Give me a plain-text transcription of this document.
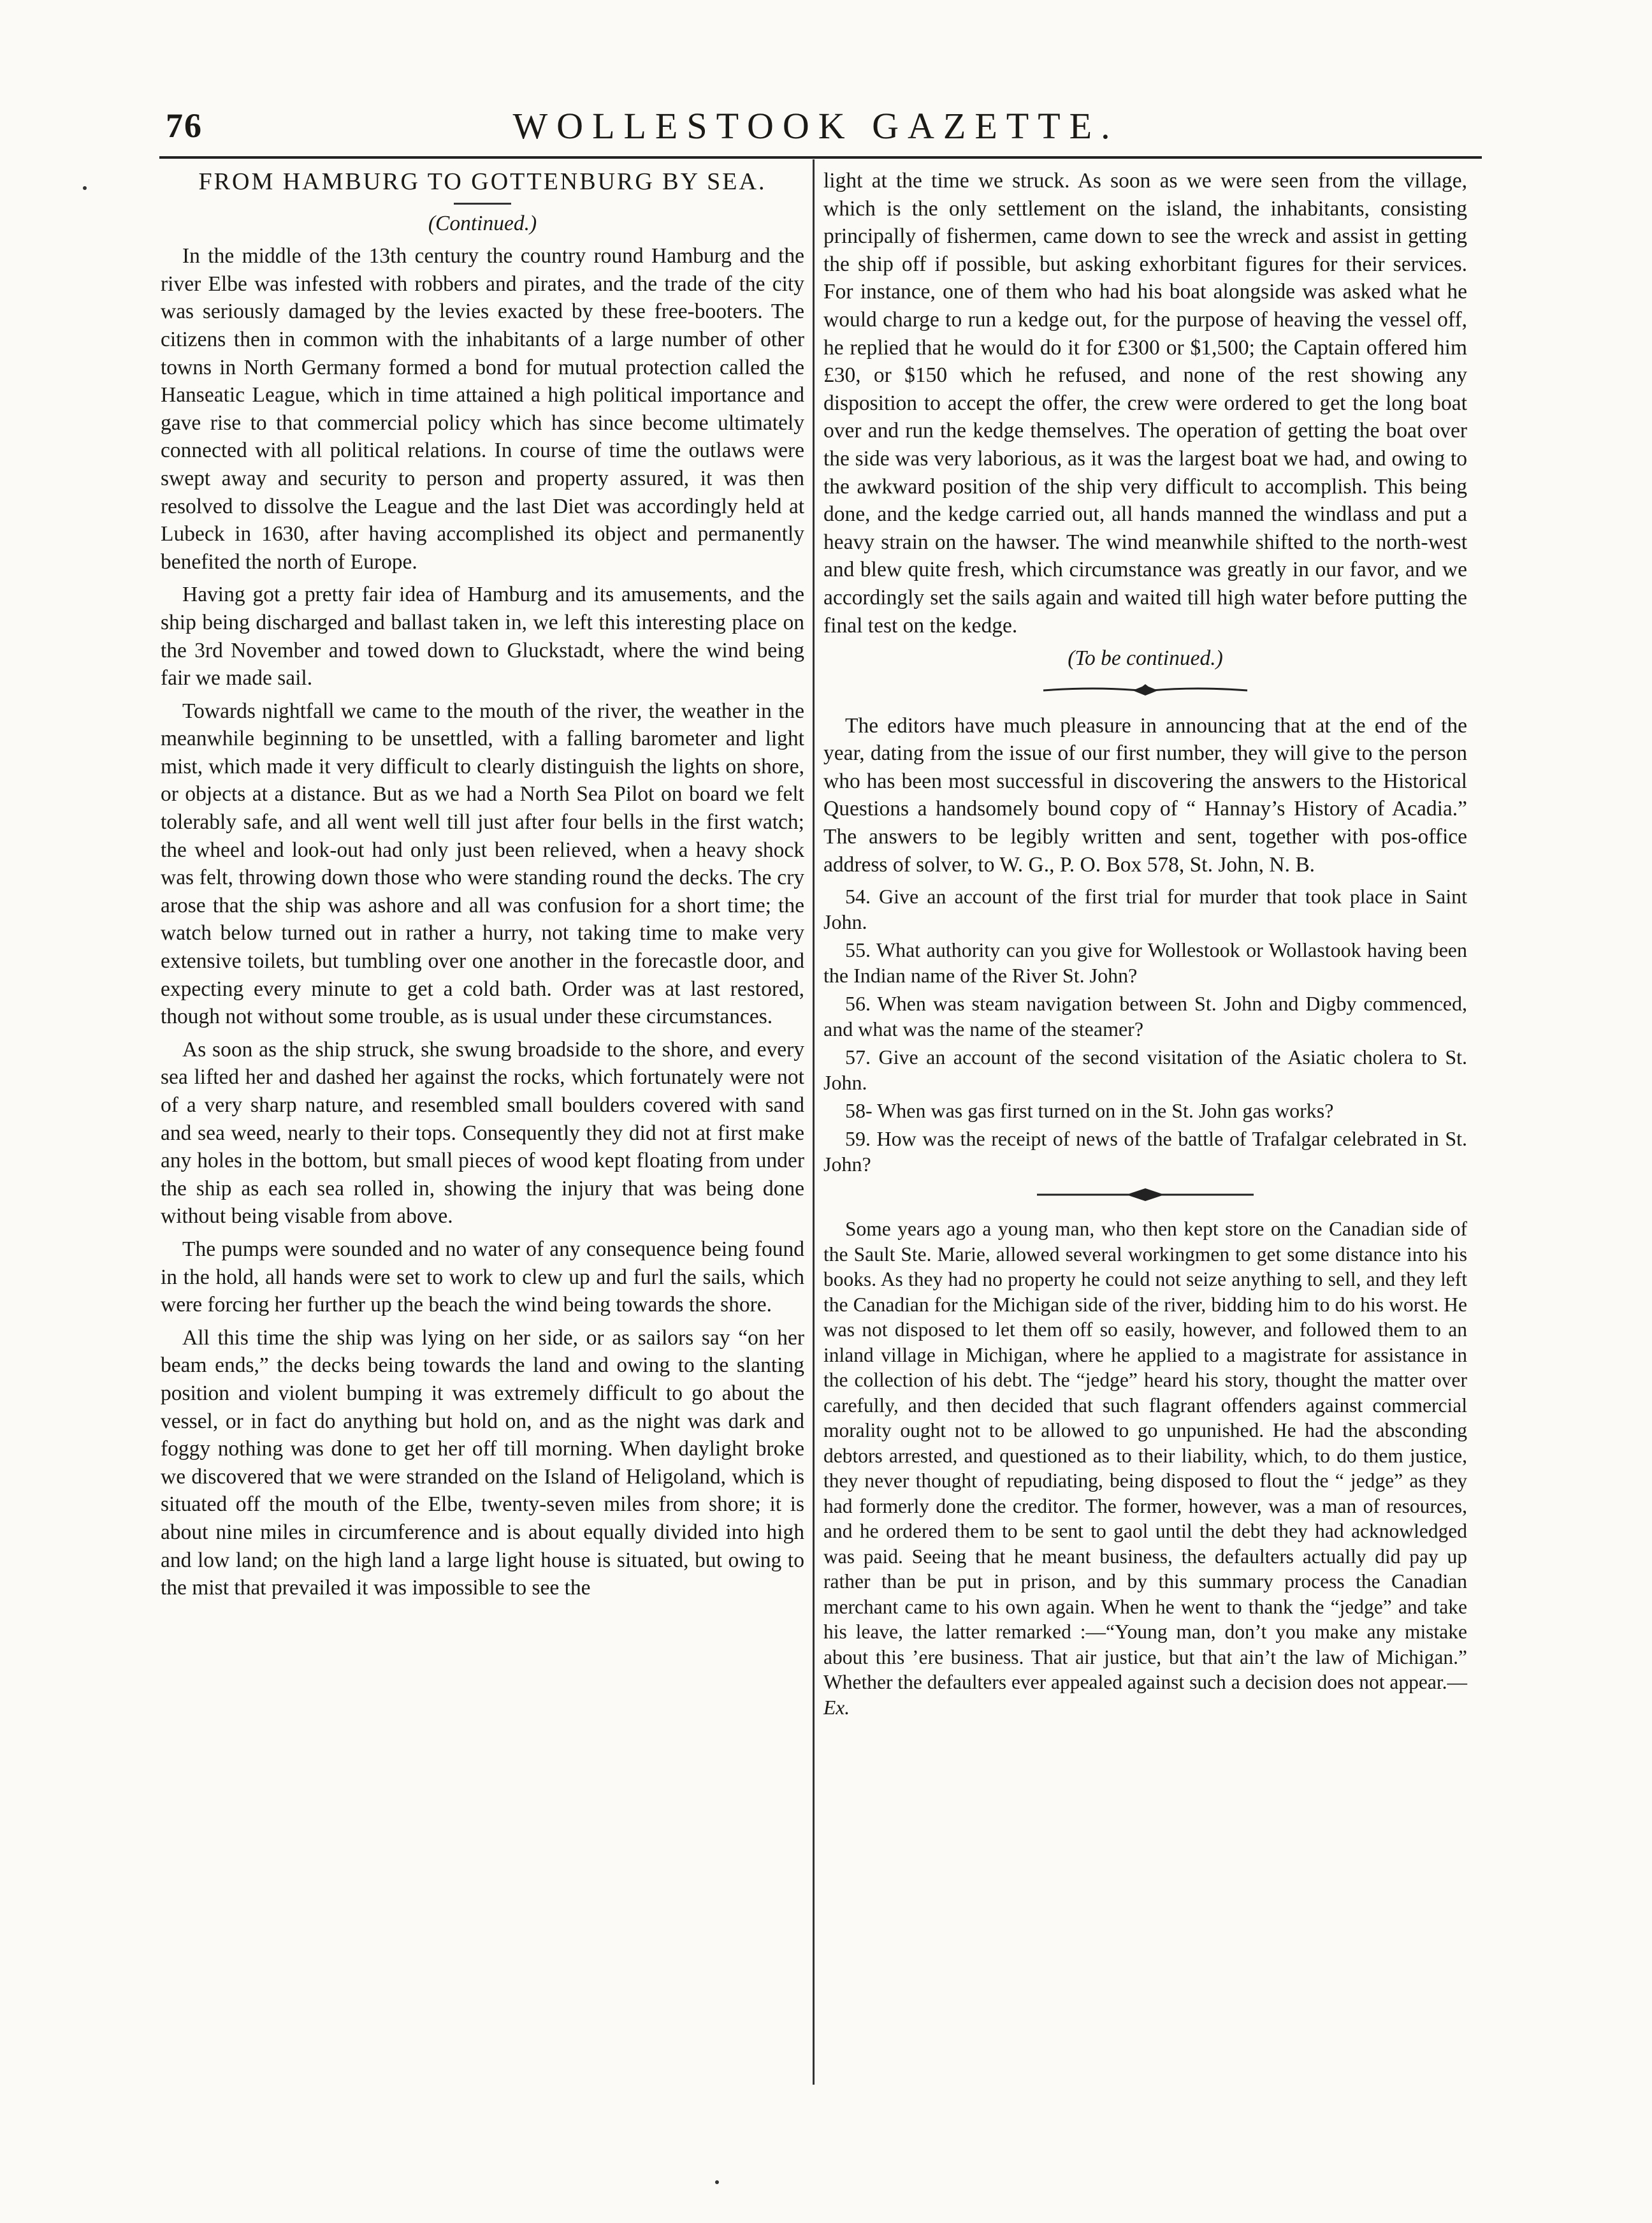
76	WOLLESTOOK GAZETTE.
FROM HAMBURG TO GOTTENBURG BY SEA.
(Continued.)

In the middle of the 13th century the country round Hamburg and the river Elbe was infested with robbers and pirates, and the trade of the city was seriously damaged by the levies exacted by these free-booters. The citizens then in common with the inhabitants of a large number of other towns in North Germany formed a bond for mutual protection called the Hanseatic League, which in time attained a high political importance and gave rise to that commercial policy which has since become ultimately connected with all political relations. In course of time the outlaws were swept away and security to person and property assured, it was then resolved to dissolve the League and the last Diet was accordingly held at Lubeck in 1630, after having accomplished its object and permanently benefited the north of Europe.

Having got a pretty fair idea of Hamburg and its amusements, and the ship being discharged and ballast taken in, we left this interesting place on the 3rd November and towed down to Gluckstadt, where the wind being fair we made sail.

Towards nightfall we came to the mouth of the river, the weather in the meanwhile beginning to be unsettled, with a falling barometer and light mist, which made it very difficult to clearly distinguish the lights on shore, or objects at a distance. But as we had a North Sea Pilot on board we felt tolerably safe, and all went well till just after four bells in the first watch; the wheel and look-out had only just been relieved, when a heavy shock was felt, throwing down those who were standing round the decks. The cry arose that the ship was ashore and all was confusion for a short time; the watch below turned out in rather a hurry, not taking time to make very extensive toilets, but tumbling over one another in the forecastle door, and expecting every minute to get a cold bath. Order was at last restored, though not without some trouble, as is usual under these circumstances.

As soon as the ship struck, she swung broadside to the shore, and every sea lifted her and dashed her against the rocks, which fortunately were not of a very sharp nature, and resembled small boulders covered with sand and sea weed, nearly to their tops. Consequently they did not at first make any holes in the bottom, but small pieces of wood kept floating from under the ship as each sea rolled in, showing the injury that was being done without being visable from above.

The pumps were sounded and no water of any consequence being found in the hold, all hands were set to work to clew up and furl the sails, which were forcing her further up the beach the wind being towards the shore.

All this time the ship was lying on her side, or as sailors say “on her beam ends,” the decks being towards the land and owing to the slanting position and violent bumping it was extremely difficult to go about the vessel, or in fact do anything but hold on, and as the night was dark and foggy nothing was done to get her off till morning. When daylight broke we discovered that we were stranded on the Island of Heligoland, which is situated off the mouth of the Elbe, twenty-seven miles from shore; it is about nine miles in circumference and is about equally divided into high and low land; on the high land a large light house is situated, but owing to the mist that prevailed it was impossible to see the

light at the time we struck. As soon as we were seen from the village, which is the only settlement on the island, the inhabitants, consisting principally of fishermen, came down to see the wreck and assist in getting the ship off if possible, but asking exhorbitant figures for their services. For instance, one of them who had his boat alongside was asked what he would charge to run a kedge out, for the purpose of heaving the vessel off, he replied that he would do it for £300 or $1,500; the Captain offered him £30, or $150 which he refused, and none of the rest showing any disposition to accept the offer, the crew were ordered to get the long boat over and run the kedge themselves. The operation of getting the boat over the side was very laborious, as it was the largest boat we had, and owing to the awkward position of the ship very difficult to accomplish. This being done, and the kedge carried out, all hands manned the windlass and put a heavy strain on the hawser. The wind meanwhile shifted to the north-west and blew quite fresh, which circumstance was greatly in our favor, and we accordingly set the sails again and waited till high water before putting the final test on the kedge.

(To be continued.)

The editors have much pleasure in announcing that at the end of the year, dating from the issue of our first number, they will give to the person who has been most successful in discovering the answers to the Historical Questions a handsomely bound copy of “ Hannay’s History of Acadia.” The answers to be legibly written and sent, together with pos-office address of solver, to W. G., P. O. Box 578, St. John, N. B.

54. Give an account of the first trial for murder that took place in Saint John.
55. What authority can you give for Wollestook or Wollastook having been the Indian name of the River St. John?
56. When was steam navigation between St. John and Digby commenced, and what was the name of the steamer?
57. Give an account of the second visitation of the Asiatic cholera to St. John.
58- When was gas first turned on in the St. John gas works?
59. How was the receipt of news of the battle of Trafalgar celebrated in St. John?

Some years ago a young man, who then kept store on the Canadian side of the Sault Ste. Marie, allowed several workingmen to get some distance into his books. As they had no property he could not seize anything to sell, and they left the Canadian for the Michigan side of the river, bidding him to do his worst. He was not disposed to let them off so easily, however, and followed them to an inland village in Michigan, where he applied to a magistrate for assistance in the collection of his debt. The “jedge” heard his story, thought the matter over carefully, and then decided that such flagrant offenders against commercial morality ought not to be allowed to go unpunished. He had the absconding debtors arrested, and questioned as to their liability, which, to do them justice, they never thought of repudiating, being disposed to flout the “ jedge” as they had formerly done the creditor. The former, however, was a man of resources, and he ordered them to be sent to gaol until the debt they had acknowledged was paid. Seeing that he meant business, the defaulters actually did pay up rather than be put in prison, and by this summary process the Canadian merchant came to his own again. When he went to thank the “jedge” and take his leave, the latter remarked :—“Young man, don’t you make any mistake about this ’ere business. That air justice, but that ain’t the law of Michigan.” Whether the defaulters ever appealed against such a decision does not appear.—Ex.
